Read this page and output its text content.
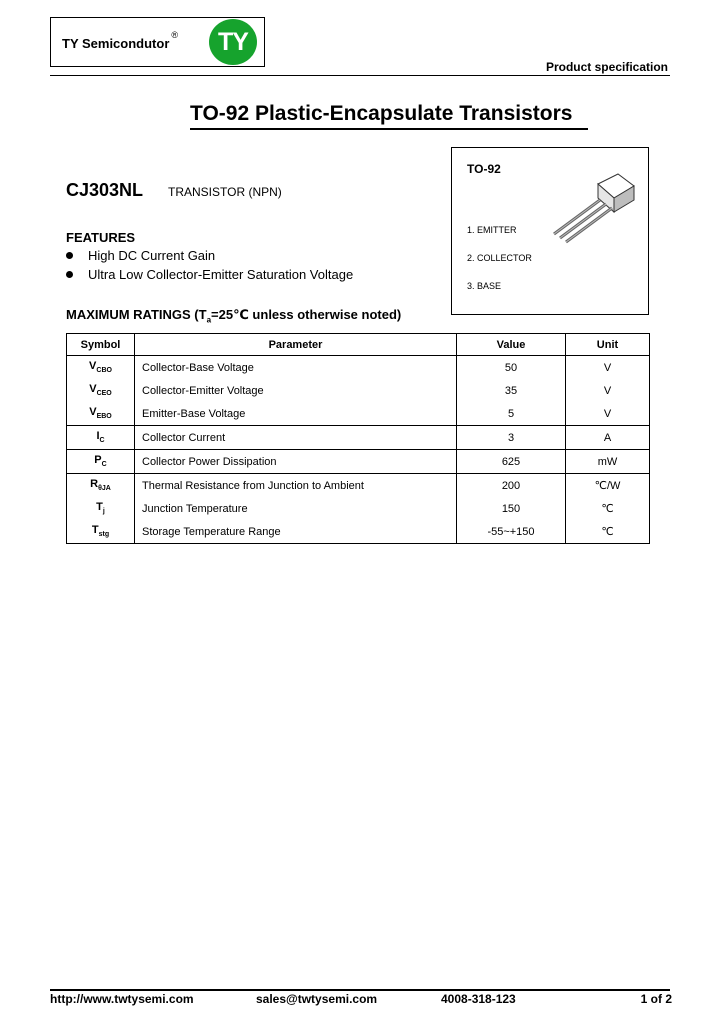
TY Semicondutor® TY
Product specification
TO-92 Plastic-Encapsulate Transistors
TO-92
1. EMITTER
2. COLLECTOR
3. BASE
CJ303NL TRANSISTOR (NPN)
FEATURES
High DC Current Gain
Ultra Low Collector-Emitter Saturation Voltage
MAXIMUM RATINGS ($T_a=25℃$ unless otherwise noted)
Symbol	Parameter	Value	Unit
$V_{CBO}$	Collector-Base Voltage	50	V
$V_{CEO}$	Collector-Emitter Voltage	35	V
$V_{EBO}$	Emitter-Base Voltage	5	V
$I_C$	Collector Current	3	A
$P_C$	Collector Power Dissipation	625	mW
$R_{\theta JA}$	Thermal Resistance from Junction to Ambient	200	℃/W
$T_j$	Junction Temperature	150	℃
$T_{stg}$	Storage Temperature Range	-55~+150	℃
http://www.twtysemi.com	sales@twtysemi.com	4008-318-123	1 of 2
